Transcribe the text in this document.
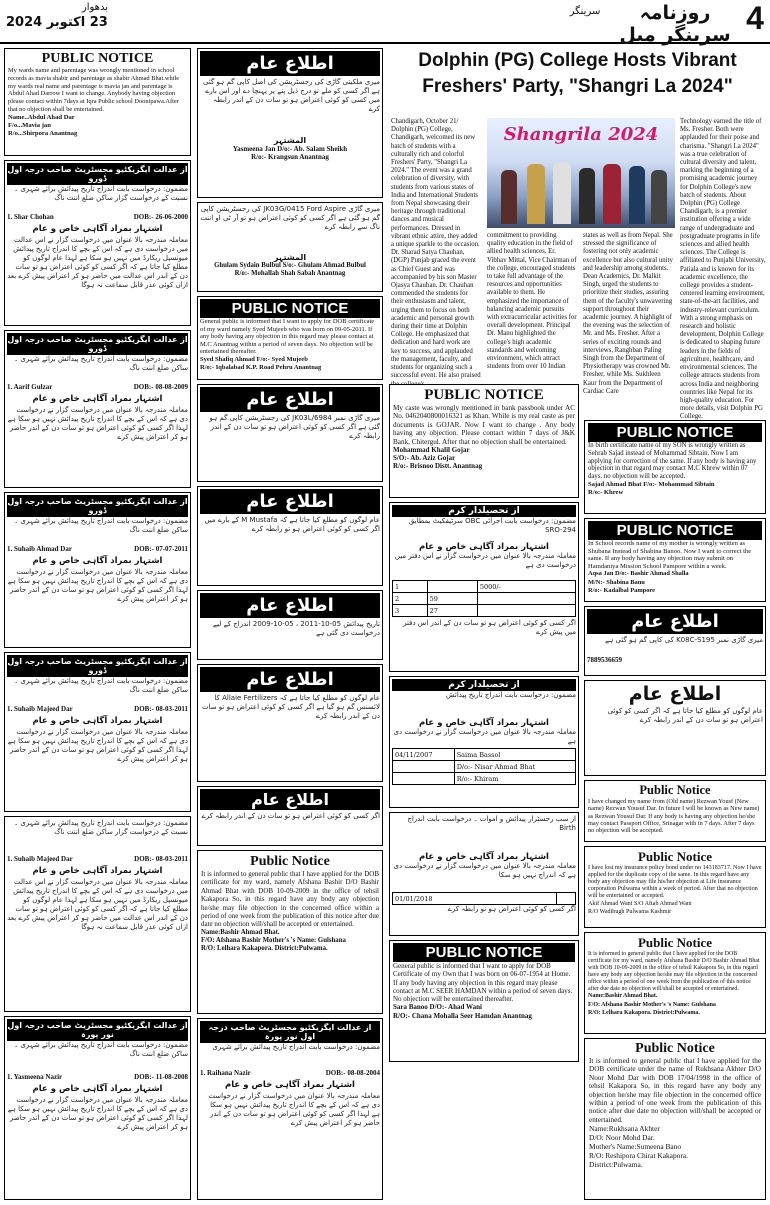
بدھوار
23 اکتوبر 2024
سرینگر	روزنامہ سرینگر میل 4
PUBLIC NOTICE
My wards name and parentage was wrongly mentioned in school records as mavia shabir and parentage as shabir Ahmad Bhat.while my wards real name and parentage is mavia jan and parentage is Abdul Ahad Darrow I want to change. Anybody having objection please contact within 7days at Iqra Public school Doonipawa.After that no objection shall be entertained.
Name..Abdul Ahad Dar
F/o...Mavia jan
R/o...Shirpora Anantnag
از عدالت ایگزیکٹیو مجسٹریٹ صاحب درجہ اول ڈورو
مضمون: درخواست بابت اندراج تاریخ پیدائش برائے شہری ۔ نسبت کے درخواست گزار ساکن ضلع اننت ناگ
1. Shar Chohan	DOB:- 26-06-2000
اشتہار بمراد آگاہی خاص و عام
معاملہ مندرجہ بالا عنوان میں درخواست گزار نے اس عدالت میں درخواست دی ہے کہ اس کے بچے کا اندراج تاریخ پیدائش میونسپل ریکارڈ میں نہیں ہو سکا ہے لہذا عام لوگوں کو مطلع کیا جاتا ہے کہ اگر کسی کو کوئی اعتراض ہو تو سات دن کے اندر اس عدالت میں حاضر ہو کر اعتراض پیش کرے بعد ازاں کوئی عذر قابل سماعت نہ ہوگا
از عدالت ایگزیکٹیو مجسٹریٹ صاحب درجہ اول ڈورو
مضمون: درخواست بابت اندراج تاریخ پیدائش برائے شہری ۔ ساکن ضلع اننت ناگ
1. Aarif Gulzar	DOB:- 08-08-2009
اشتہار بمراد آگاہی خاص و عام
معاملہ مندرجہ بالا عنوان میں درخواست گزار نے درخواست دی ہے کہ اس کے بچے کا اندراج تاریخ پیدائش نہیں ہو سکا ہے لہذا اگر کسی کو کوئی اعتراض ہو تو سات دن کے اندر حاضر ہو کر اعتراض پیش کرے
از عدالت ایگزیکٹیو مجسٹریٹ صاحب درجہ اول ڈورو
مضمون: درخواست بابت اندراج تاریخ پیدائش برائے شہری ۔ ساکن ضلع اننت ناگ
1. Suhaib Ahmad Dar	DOB:- 07-07-2011
اشتہار بمراد آگاہی خاص و عام
معاملہ مندرجہ بالا عنوان میں درخواست گزار نے درخواست دی ہے کہ اس کے بچے کا اندراج تاریخ پیدائش نہیں ہو سکا ہے لہذا اگر کسی کو کوئی اعتراض ہو تو سات دن کے اندر حاضر ہو کر اعتراض پیش کرے
از عدالت ایگزیکٹیو مجسٹریٹ صاحب درجہ اول ڈورو
مضمون: درخواست بابت اندراج تاریخ پیدائش برائے شہری ۔ ساکن ضلع اننت ناگ
1. Suhaib Majeed Dar	DOB:- 08-03-2011
اشتہار بمراد آگاہی خاص و عام
معاملہ مندرجہ بالا عنوان میں درخواست گزار نے درخواست دی ہے کہ اس کے بچے کا اندراج تاریخ پیدائش نہیں ہو سکا ہے لہذا اگر کسی کو کوئی اعتراض ہو تو سات دن کے اندر حاضر ہو کر اعتراض پیش کرے
مضمون: درخواست بابت اندراج تاریخ پیدائش برائے شہری ۔ نسبت کے درخواست گزار ساکن ضلع اننت ناگ
1. Suhaib Majeed Dar	DOB:- 08-03-2011
اشتہار بمراد آگاہی خاص و عام
معاملہ مندرجہ بالا عنوان میں درخواست گزار نے اس عدالت میں درخواست دی ہے کہ اس کے بچے کا اندراج تاریخ پیدائش میونسپل ریکارڈ میں نہیں ہو سکا ہے لہذا عام لوگوں کو مطلع کیا جاتا ہے کہ اگر کسی کو کوئی اعتراض ہو تو سات دن کے اندر اس عدالت میں حاضر ہو کر اعتراض پیش کرے بعد ازاں کوئی عذر قابل سماعت نہ ہوگا
از عدالت ایگزیکٹیو مجسٹریٹ صاحب درجہ اول نور پورہ
مضمون: درخواست بابت اندراج تاریخ پیدائش برائے شہری ۔ ساکن ضلع اننت ناگ
1. Yasmeena Nazir	DOB:- 11-08-2008
اشتہار بمراد آگاہی خاص و عام
معاملہ مندرجہ بالا عنوان میں درخواست گزار نے درخواست دی ہے کہ اس کے بچے کا اندراج تاریخ پیدائش نہیں ہو سکا ہے لہذا اگر کسی کو کوئی اعتراض ہو تو سات دن کے اندر حاضر ہو کر اعتراض پیش کرے
اطلاع عام
میری ملکیتی گاڑی کی رجسٹریشن کی اصل کاپی گم ہو گئی ہے اگر کسی کو ملے تو درج ذیل پتے پر پہنچا دے اور اس بارے میں کسی کو کوئی اعتراض ہو تو سات دن کے اندر رابطہ کرے
المشتہر
Yasmeena Jan D/o:- Ab. Salam Sheikh
R/o:- Krangsun Anantnag
میری گاڑی JK03G/0415 Ford Aspire کی رجسٹریشن کاپی گم ہو گئی ہے اگر کسی کو کوئی اعتراض ہو تو آر ٹی او اننت ناگ سے رابطہ کرے
المشتہر
Ghulam Sydain Bulbul S/o:- Ghulam Ahmad Bulbul
R/o:- Mohallah Shah Sabah Anantnag
PUBLIC NOTICE
General public is informed that I want to apply for DOB certificate of my ward namely Syed Mujeeb who was born on 09-05-2011. If any body having any objection in this regard may please contact at M.C Anantnag within a period of seven days. No objection will be entertained thereafter.
Syed Shafiq Ahmad F/o:- Syed Mujeeb
R/o:- Iqbalabad K.P. Road Pehru Anantnag
اطلاع عام
میری گاڑی نمبر JK03L/6984 کی رجسٹریشن کاپی گم ہو گئی ہے اگر کسی کو کوئی اعتراض ہو تو سات دن کے اندر رابطہ کرے
اطلاع عام
عام لوگوں کو مطلع کیا جاتا ہے کہ M Mustafa کے بارے میں اگر کسی کو کوئی اعتراض ہو تو رابطہ کرے
اطلاع عام
تاریخ پیدائش 05-10-2011 ، 05-10-2009 اندراج کے لیے درخواست دی گئی ہے
اطلاع عام
عام لوگوں کو مطلع کیا جاتا ہے کہ Allaie Fertilizers کا لائسنس گم ہو گیا ہے اگر کسی کو کوئی اعتراض ہو تو سات دن کے اندر رابطہ کرے
اطلاع عام
اگر کسی کو کوئی اعتراض ہو تو سات دن کے اندر رابطہ کرے
Public Notice
It is informed to general public that I have applied for the DOB certificate for my ward, namely Afshana Bashir D/O Bashir Ahmad Bhat with DOB 10-09-2009 in the office of tehsil Kakapora So, in this regard have any body any objection he/she may file objection in the concerned office within a period of one week from the publication of this notice after due date no objection will/shall be accepted or entertained.
Name:Bashir Ahmad Bhat.
F/O: Afshana Bashir Mother's 's Name: Gulshana
R/O: Lelhara Kakapora. District:Pulwama.
از عدالت ایگزیکٹیو مجسٹریٹ صاحب درجہ اول نور پورہ
مضمون: درخواست بابت اندراج تاریخ پیدائش برائے شہری
1. Raihana Nazir	DOB:- 08-08-2004
اشتہار بمراد آگاہی خاص و عام
معاملہ مندرجہ بالا عنوان میں درخواست گزار نے درخواست دی ہے کہ اس کے بچے کا اندراج تاریخ پیدائش نہیں ہو سکا ہے لہذا اگر کسی کو کوئی اعتراض ہو تو سات دن کے اندر حاضر ہو کر اعتراض پیش کرے
Dolphin (PG) College Hosts Vibrant
Freshers' Party, "Shangri La 2024"
Chandigarh, October 21/ Dolphin (PG) College, Chandigarh, welcomed its new batch of students with a culturally rich and colorful Freshers' Party, "Shangri La 2024." The event was a grand celebration of diversity, with students from various states of India and International Students from Nepal showcasing their heritage through traditional dances and musical performances. Dressed in vibrant ethnic attire, they added a unique sparkle to the occasion. Dr. Sharad Satya Chauhan, (DGP) Punjab graced the event as Chief Guest and was accompanied by his son Master Ojasya Chauhan. Dr. Chauhan commended the students for their enthusiasm and talent, urging them to focus on both academic and personal growth during their time at Dolphin College. He emphasized that dedication and hard work are key to success, and applauded the management, faculty, and students for organizing such a successful event. He also praised
Shangrila 2024
commitment to providing quality education in the field of allied health sciences. Er. Vibhav Mittal, Vice Chairman of the college, encouraged students to take full advantage of the resources and opportunities available to them. He emphasized the importance of balancing academic pursuits with extracurricular activities for overall development. Principal Dr. Manu highlighted the college's high academic standards and welcoming environment, which attract students from over 10 Indian
states as well as from Nepal. She stressed the significance of fostering not only academic excellence but also cultural unity and leadership among students. Dean Academics, Dr. Malkit Singh, urged the students to prioritize their studies, assuring them of the faculty's unwavering support throughout their academic journey. A highlight of the evening was the selection of Mr. and Ms. Fresher. After a series of exciting rounds and interviews, Ranghban Paling Singh from the Department of Physiotherapy was crowned Mr. Fresher, while Ms. Sukhleen Kaur from the Department of Cardiac Care
Technology earned the title of Ms. Fresher. Both were applauded for their poise and charisma. "Shangri La 2024" was a true celebration of cultural diversity and talent, marking the beginning of a promising academic journey for Dolphin College's new batch of students. About Dolphin (PG) College Chandigarh, is a premier institution offering a wide range of undergraduate and postgraduate programs in life sciences and allied health sciences. The College is affiliated to Punjabi University, Patiala and is known for its academic excellence, the college provides a student-centered learning environment, state-of-the-art facilities, and industry-relevant curriculum. With a strong emphasis on research and holistic development, Dolphin College is dedicated to shaping future leaders in the fields of agriculture, healthcare, and environmental sciences. The college attracts students from across India and neighboring countries like Nepal for its high-quality education. For more details, visit Dolphin PG College.
PUBLIC NOTICE
My caste was wrongly mentioned in bank passbook under AC No. 0462040800016321 as Khan. While is my real caste as per documents is GOJAR. Now I want to change . Any body having any objection. Please contact within 7 days of J&K Bank, Chitergul. After that no objection shall be entertained.
Mohammad Khalil Gojar
S/O:- Ab. Aziz Gojar
R/o:- Brisnoo Distt. Anantnag
از تحصیلدار کرم
مضمون: درخواست بابت اجرائی OBC سرٹیفکیٹ بمطابق SRO-294
اشتہار بمراد آگاہی خاص و عام
معاملہ مندرجہ بالا عنوان میں درخواست گزار نے اس دفتر میں درخواست دی ہے
1		5000/-
2	59	
3	27	
اگر کسی کو کوئی اعتراض ہو تو سات دن کے اندر اس دفتر میں پیش کرے
از تحصیلدار کرم
مضمون: درخواست بابت اندراج تاریخ پیدائش
اشتہار بمراد آگاہی خاص و عام
معاملہ مندرجہ بالا عنوان میں درخواست گزار نے درخواست دی ہے
04/11/2007	Saima Bassol
	D/o:- Nisar Ahmad Bhat
	R/o:- Khiram
از سب رجسٹرار پیدائش و اموات ۔ درخواست بابت اندراج Birth
اشتہار بمراد آگاہی خاص و عام
معاملہ مندرجہ بالا عنوان میں درخواست گزار نے درخواست دی ہے کہ اندراج نہیں ہو سکا
01/01/2018	
اگر کسی کو کوئی اعتراض ہو تو رابطہ کرے
PUBLIC NOTICE
General public is informed that I want to apply for DOB Certificate of my Own that I was born on 06-07-1954 at Home. If any body having any objection in this regard may please contact at M.C SEER HAMDAN within a period of seven days. No objection will be entertained thereafter.
Sara Banoo D/O:- Ahad Wani
R/O:- Chana Mohalla Seer Hamdan Anantnag
PUBLIC NOTICE
In birth certificate name of my SON is wrongly written as Sehrab Sajad instead of Mohammad Sibtain. Now I am applying for correction of the same. If any body is having any objection in that regard may contact M.C Khrew within 07 days. no objection will be accepted.
Sajad Ahmad Bhat F/o:- Mohammad Sibtain
R/o:- Khrew
PUBLIC NOTICE
In School records name of my mother is wrongly written as Shubana Instead of Shabina Banoo. Now I want to correct the same. If any body having any objection may submit on Hamdaniya Mission School Pampore within a week.
Aqsa Jan D/o:- Bashir Ahmad Shalla
M/N:- Shabina Banu
R/o:- Kadalbal Pampore
اطلاع عام
میری گاڑی نمبر K08C-S195 کی کاپی گم ہو گئی ہے
7889536659
اطلاع عام
عام لوگوں کو مطلع کیا جاتا ہے کہ اگر کسی کو کوئی اعتراض ہو تو سات دن کے اندر رابطہ کرے
Public Notice
I have changed my name from (Old name) Rezwan Yousf (New name) Rezwan Yousuf Dar. In future I will be known as New name) as Rezwan Yousuf Dar. If any body is having any objection he/she may contact Passport Office, Srinagar with in 7 days. After 7 days no objection will be accepted.
Public Notice
I have lost my insurance policy bond under no 143183717. Now I have applied for the duplicate copy of the same. In this regard have any body any objection may file his/her objection at Life insurance corporation Pulwama within a week of period. After that no objection will be entertained or accepted.
Akif Ahmad Wani S/O Aftab Ahmad Wani
R/O Wadibugh Pulwama Kashmir
Public Notice
It is informed to general public that I have applied for the DOB certificate for my ward, namely Afshana Bashir D/O Bashir Ahmad Bhat with DOB 10-09-2009 in the office of tehsil Kakapora So, in this regard have any body any objection he/she may file objection in the concerned office within a period of one week from the publication of this notice after due date no objection will/shall be accepted or entertained.
Name:Bashir Ahmad Bhat.
F/O: Afshana Bashir Mother's 's Name: Gulshana
R/O: Lelhara Kakapora. District:Pulwama.
Public Notice
It is informed to general public that I have applied for the DOB certificate under the name of Rukhsana Akhter D/O Noor Mohd Dar with DOB 17/04/1998 in the office of tehsil Kakapora So, in this regard have any body any objection he/she may file objection in the concerned office within a period of one week from the publication of this notice after due date no objection will/shall be accepted or entertained.
Name:Rukhsana Akhter
D/O: Noor Mohd Dar.
Mother's Name:Sumeena Bano
R/O: Reshipora Chirat Kakapora.
District:Pulwama.
